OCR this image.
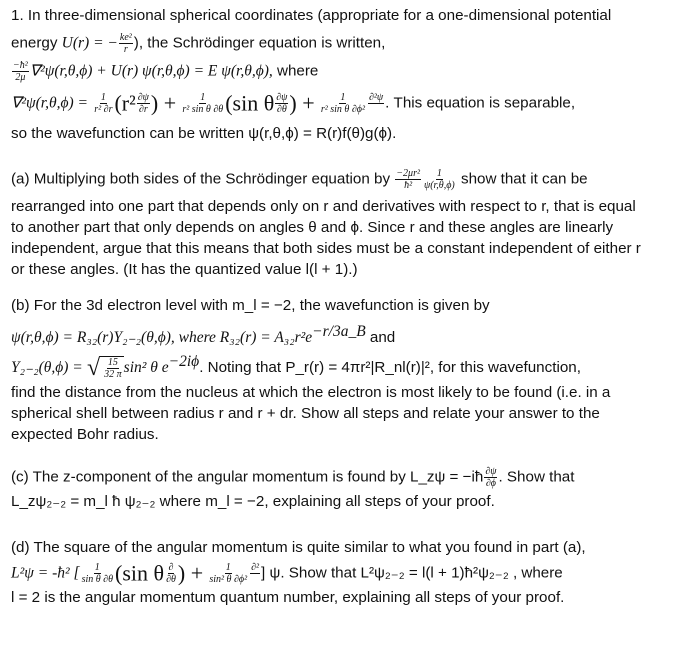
1. In three-dimensional spherical coordinates (appropriate for a one-dimensional potential
energy U(r) = − $\frac{\text{ke²}}{r}$ ), the Schrödinger equation is written,
$\frac{\text{−ħ²}}{2\mu} \nabla^2\psi(r,\theta,\phi) + U(r) \psi(r,\theta,\phi) = E$ ψ(r,θ,ϕ), where
$\nabla^2\psi(r,\theta,\phi) = \frac{1}{\text{r² ∂r}} (r^2 \frac{\partial\psi}{\partial r}$ ) + $\frac{1}{\text{r² sin θ ∂θ}} (\sin$ θ $\frac{\partial\psi}{\partial\theta}$ ) + $\frac{1}{\text{r² sin θ ∂ϕ²}} \partial^2\psi$
. This equation is separable,
so the wavefunction can be written ψ(r,θ,ϕ) = R(r)f(θ)g(ϕ).
(a) Multiplying both sides of the Schrödinger equation by $\frac{\text{−2μr²}}{\text{ħ²}} \frac{1}{\psi(r,\theta,\phi)}$ show that it can be
rearranged into one part that depends only on r and derivatives with respect to r, that is equal
to another part that only depends on angles θ and ϕ. Since r and these angles are linearly
independent, argue that this means that both sides must be a constant independent of either r
or these angles. (It has the quantized value l(l + 1).)
(b) For the 3d electron level with m_l = −2, the wavefunction is given by
ψ(r,θ,ϕ) = R₃₂(r)Y₂₋₂(θ,ϕ), where $R_{32}(r) = A_{32}r^2e^{-r/3a\_B}$ and
Y₂₋₂(θ,ϕ) = √ $\frac{15}{32 \pi} \sin^2$ θ $e^{-2i\phi}$. Noting that P_r(r) = 4πr²|R_nl(r)|², for this wavefunction,
find the distance from the nucleus at which the electron is most likely to be found (i.e. in a
spherical shell between radius r and r + dr. Show all steps and relate your answer to the
expected Bohr radius.
(c) The z-component of the angular momentum is found by L_zψ = −iħ $\frac{\partial\psi}{\partial\phi}$ . Show that
L_zψ₂₋₂ = m_l ħ ψ₂₋₂ where m_l = −2, explaining all steps of your proof.
(d) The square of the angular momentum is quite similar to what you found in part (a),
L²ψ = -ħ² [ $\frac{1}{\text{sin θ ∂θ}} (\sin$ θ $\frac{\partial}{\partial\theta}$ ) + $\frac{1}{\text{sin² θ ∂ϕ²}} \partial^2$
] ψ. Show that L²ψ₂₋₂ = l(l + 1)ħ²ψ₂₋₂ , where
l = 2 is the angular momentum quantum number, explaining all steps of your proof.
